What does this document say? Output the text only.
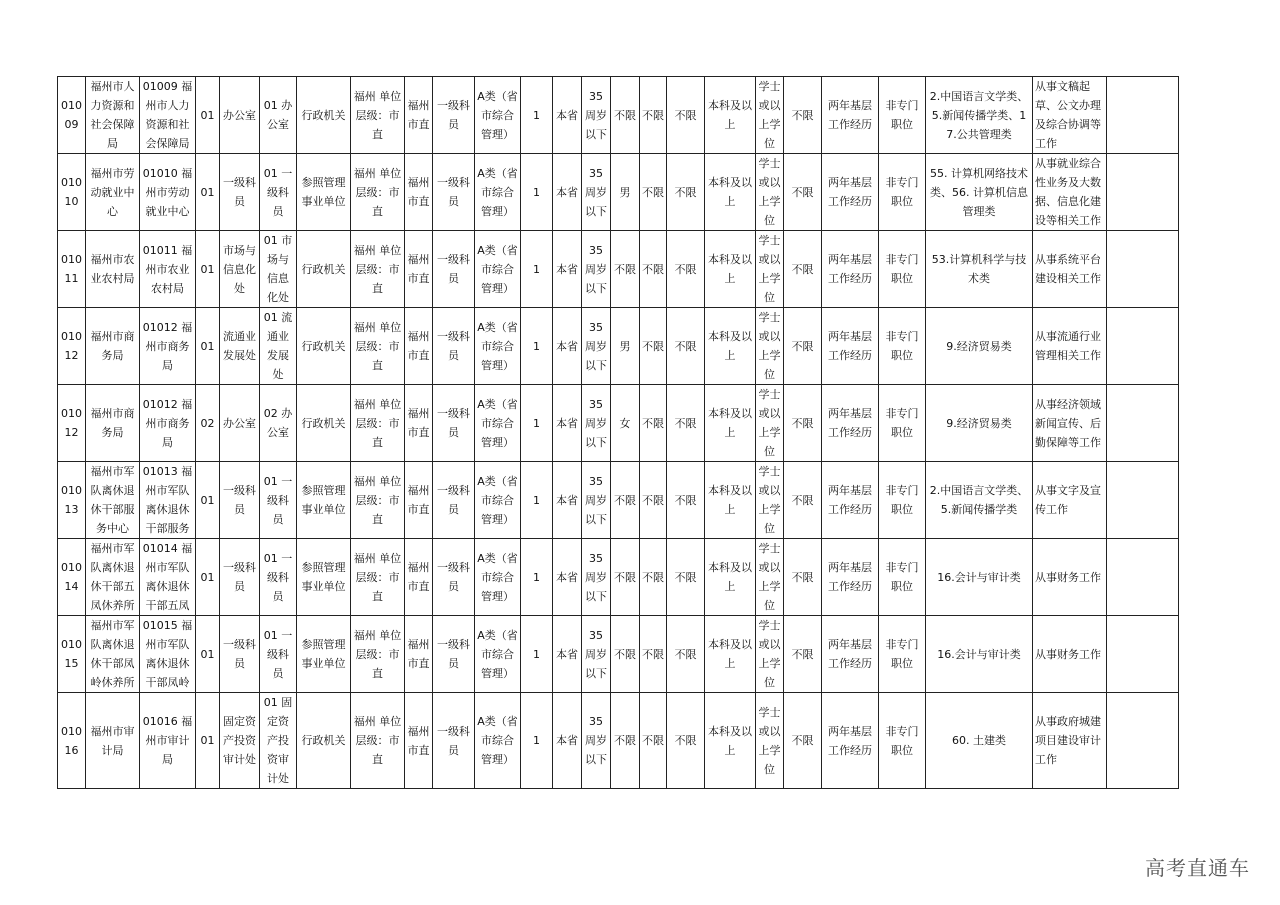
010
09	福州市人力资源和社会保障局	01009 福州市人力资源和社会保障局	01	办公室	01 办公室	行政机关	福州 单位层级：市直	福州市直	一级科员	A类（省市综合管理）	1	本省	35周岁以下	不限	不限	不限	本科及以上	学士或以上学位	不限	两年基层工作经历	非专门职位	2.中国语言文学类、5.新闻传播学类、17.公共管理类	从事文稿起草、公文办理及综合协调等工作	
010
10	福州市劳动就业中心	01010 福州市劳动就业中心	01	一级科员	01 一级科员	参照管理事业单位	福州 单位层级：市直	福州市直	一级科员	A类（省市综合管理）	1	本省	35周岁以下	男	不限	不限	本科及以上	学士或以上学位	不限	两年基层工作经历	非专门职位	55. 计算机网络技术类、56. 计算机信息管理类	从事就业综合性业务及大数据、信息化建设等相关工作	
010
11	福州市农业农村局	01011 福州市农业农村局	01	市场与信息化处	01 市场与信息化处	行政机关	福州 单位层级：市直	福州市直	一级科员	A类（省市综合管理）	1	本省	35周岁以下	不限	不限	不限	本科及以上	学士或以上学位	不限	两年基层工作经历	非专门职位	53.计算机科学与技术类	从事系统平台建设相关工作	
010
12	福州市商务局	01012 福州市商务局	01	流通业发展处	01 流通业发展处	行政机关	福州 单位层级：市直	福州市直	一级科员	A类（省市综合管理）	1	本省	35周岁以下	男	不限	不限	本科及以上	学士或以上学位	不限	两年基层工作经历	非专门职位	9.经济贸易类	从事流通行业管理相关工作	
010
12	福州市商务局	01012 福州市商务局	02	办公室	02 办公室	行政机关	福州 单位层级：市直	福州市直	一级科员	A类（省市综合管理）	1	本省	35周岁以下	女	不限	不限	本科及以上	学士或以上学位	不限	两年基层工作经历	非专门职位	9.经济贸易类	从事经济领域新闻宣传、后勤保障等工作	
010
13	福州市军队离休退休干部服务中心	01013 福州市军队离休退休干部服务	01	一级科员	01 一级科员	参照管理事业单位	福州 单位层级：市直	福州市直	一级科员	A类（省市综合管理）	1	本省	35周岁以下	不限	不限	不限	本科及以上	学士或以上学位	不限	两年基层工作经历	非专门职位	2.中国语言文学类、5.新闻传播学类	从事文字及宣传工作	
010
14	福州市军队离休退休干部五凤休养所	01014 福州市军队离休退休干部五凤	01	一级科员	01 一级科员	参照管理事业单位	福州 单位层级：市直	福州市直	一级科员	A类（省市综合管理）	1	本省	35周岁以下	不限	不限	不限	本科及以上	学士或以上学位	不限	两年基层工作经历	非专门职位	16.会计与审计类	从事财务工作	
010
15	福州市军队离休退休干部凤岭休养所	01015 福州市军队离休退休干部凤岭	01	一级科员	01 一级科员	参照管理事业单位	福州 单位层级：市直	福州市直	一级科员	A类（省市综合管理）	1	本省	35周岁以下	不限	不限	不限	本科及以上	学士或以上学位	不限	两年基层工作经历	非专门职位	16.会计与审计类	从事财务工作	
010
16	福州市审计局	01016 福州市审计局	01	固定资产投资审计处	01 固定资产投资审计处	行政机关	福州 单位层级：市直	福州市直	一级科员	A类（省市综合管理）	1	本省	35周岁以下	不限	不限	不限	本科及以上	学士或以上学位	不限	两年基层工作经历	非专门职位	60. 土建类	从事政府城建项目建设审计工作	
高考直通车
